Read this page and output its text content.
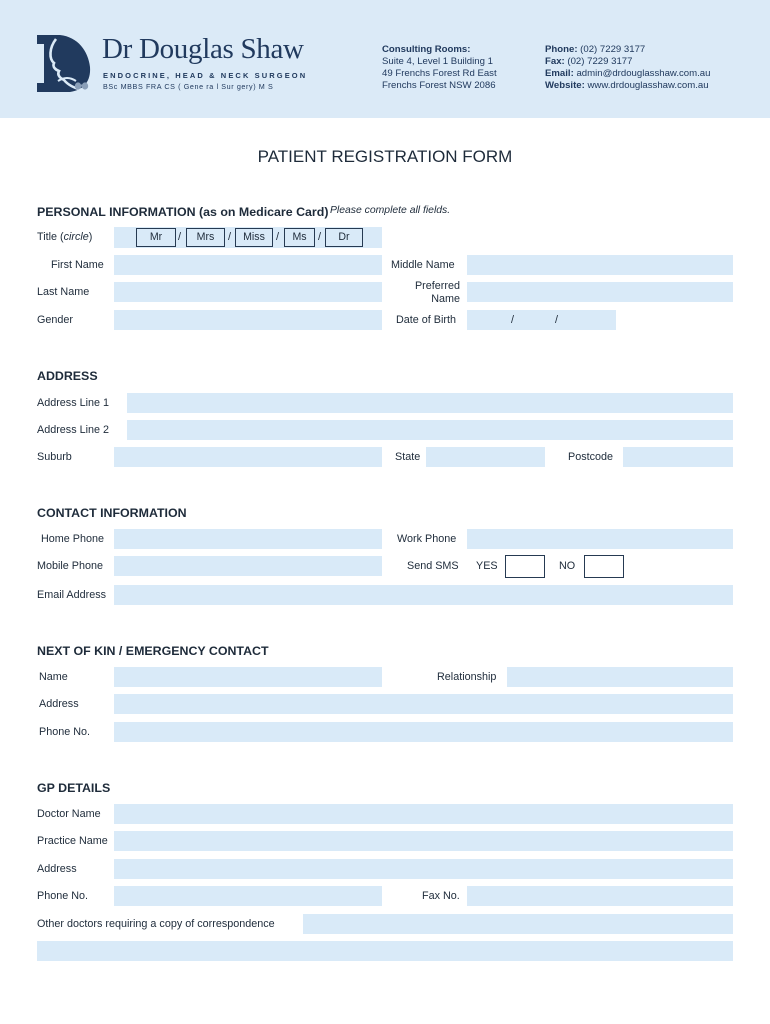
Dr Douglas Shaw
ENDOCRINE, HEAD & NECK SURGEON
BSc MBBS FRA CS ( Gene ra l Sur gery) M S
Consulting Rooms:
Suite 4, Level 1 Building 1
49 Frenchs Forest Rd East
Frenchs Forest NSW 2086
Phone: (02) 7229 3177
Fax: (02) 7229 3177
Email: admin@drdouglasshaw.com.au
Website: www.drdouglasshaw.com.au
PATIENT REGISTRATION FORM
PERSONAL INFORMATION (as on Medicare Card) Please complete all fields.
Title (circle)	Mr	/	Mrs	/	Miss	/	Ms	/	Dr
First Name	Middle Name
Last Name	Preferred
Name
Gender	Date of Birth	/	/
ADDRESS
Address Line 1
Address Line 2
Suburb	State	Postcode
CONTACT INFORMATION
Home Phone	Work Phone
Mobile Phone	Send SMS YES	NO
Email Address
NEXT OF KIN / EMERGENCY CONTACT
Name	Relationship
Address
Phone No.
GP DETAILS
Doctor Name
Practice Name
Address
Phone No.	Fax No.
Other doctors requiring a copy of correspondence
